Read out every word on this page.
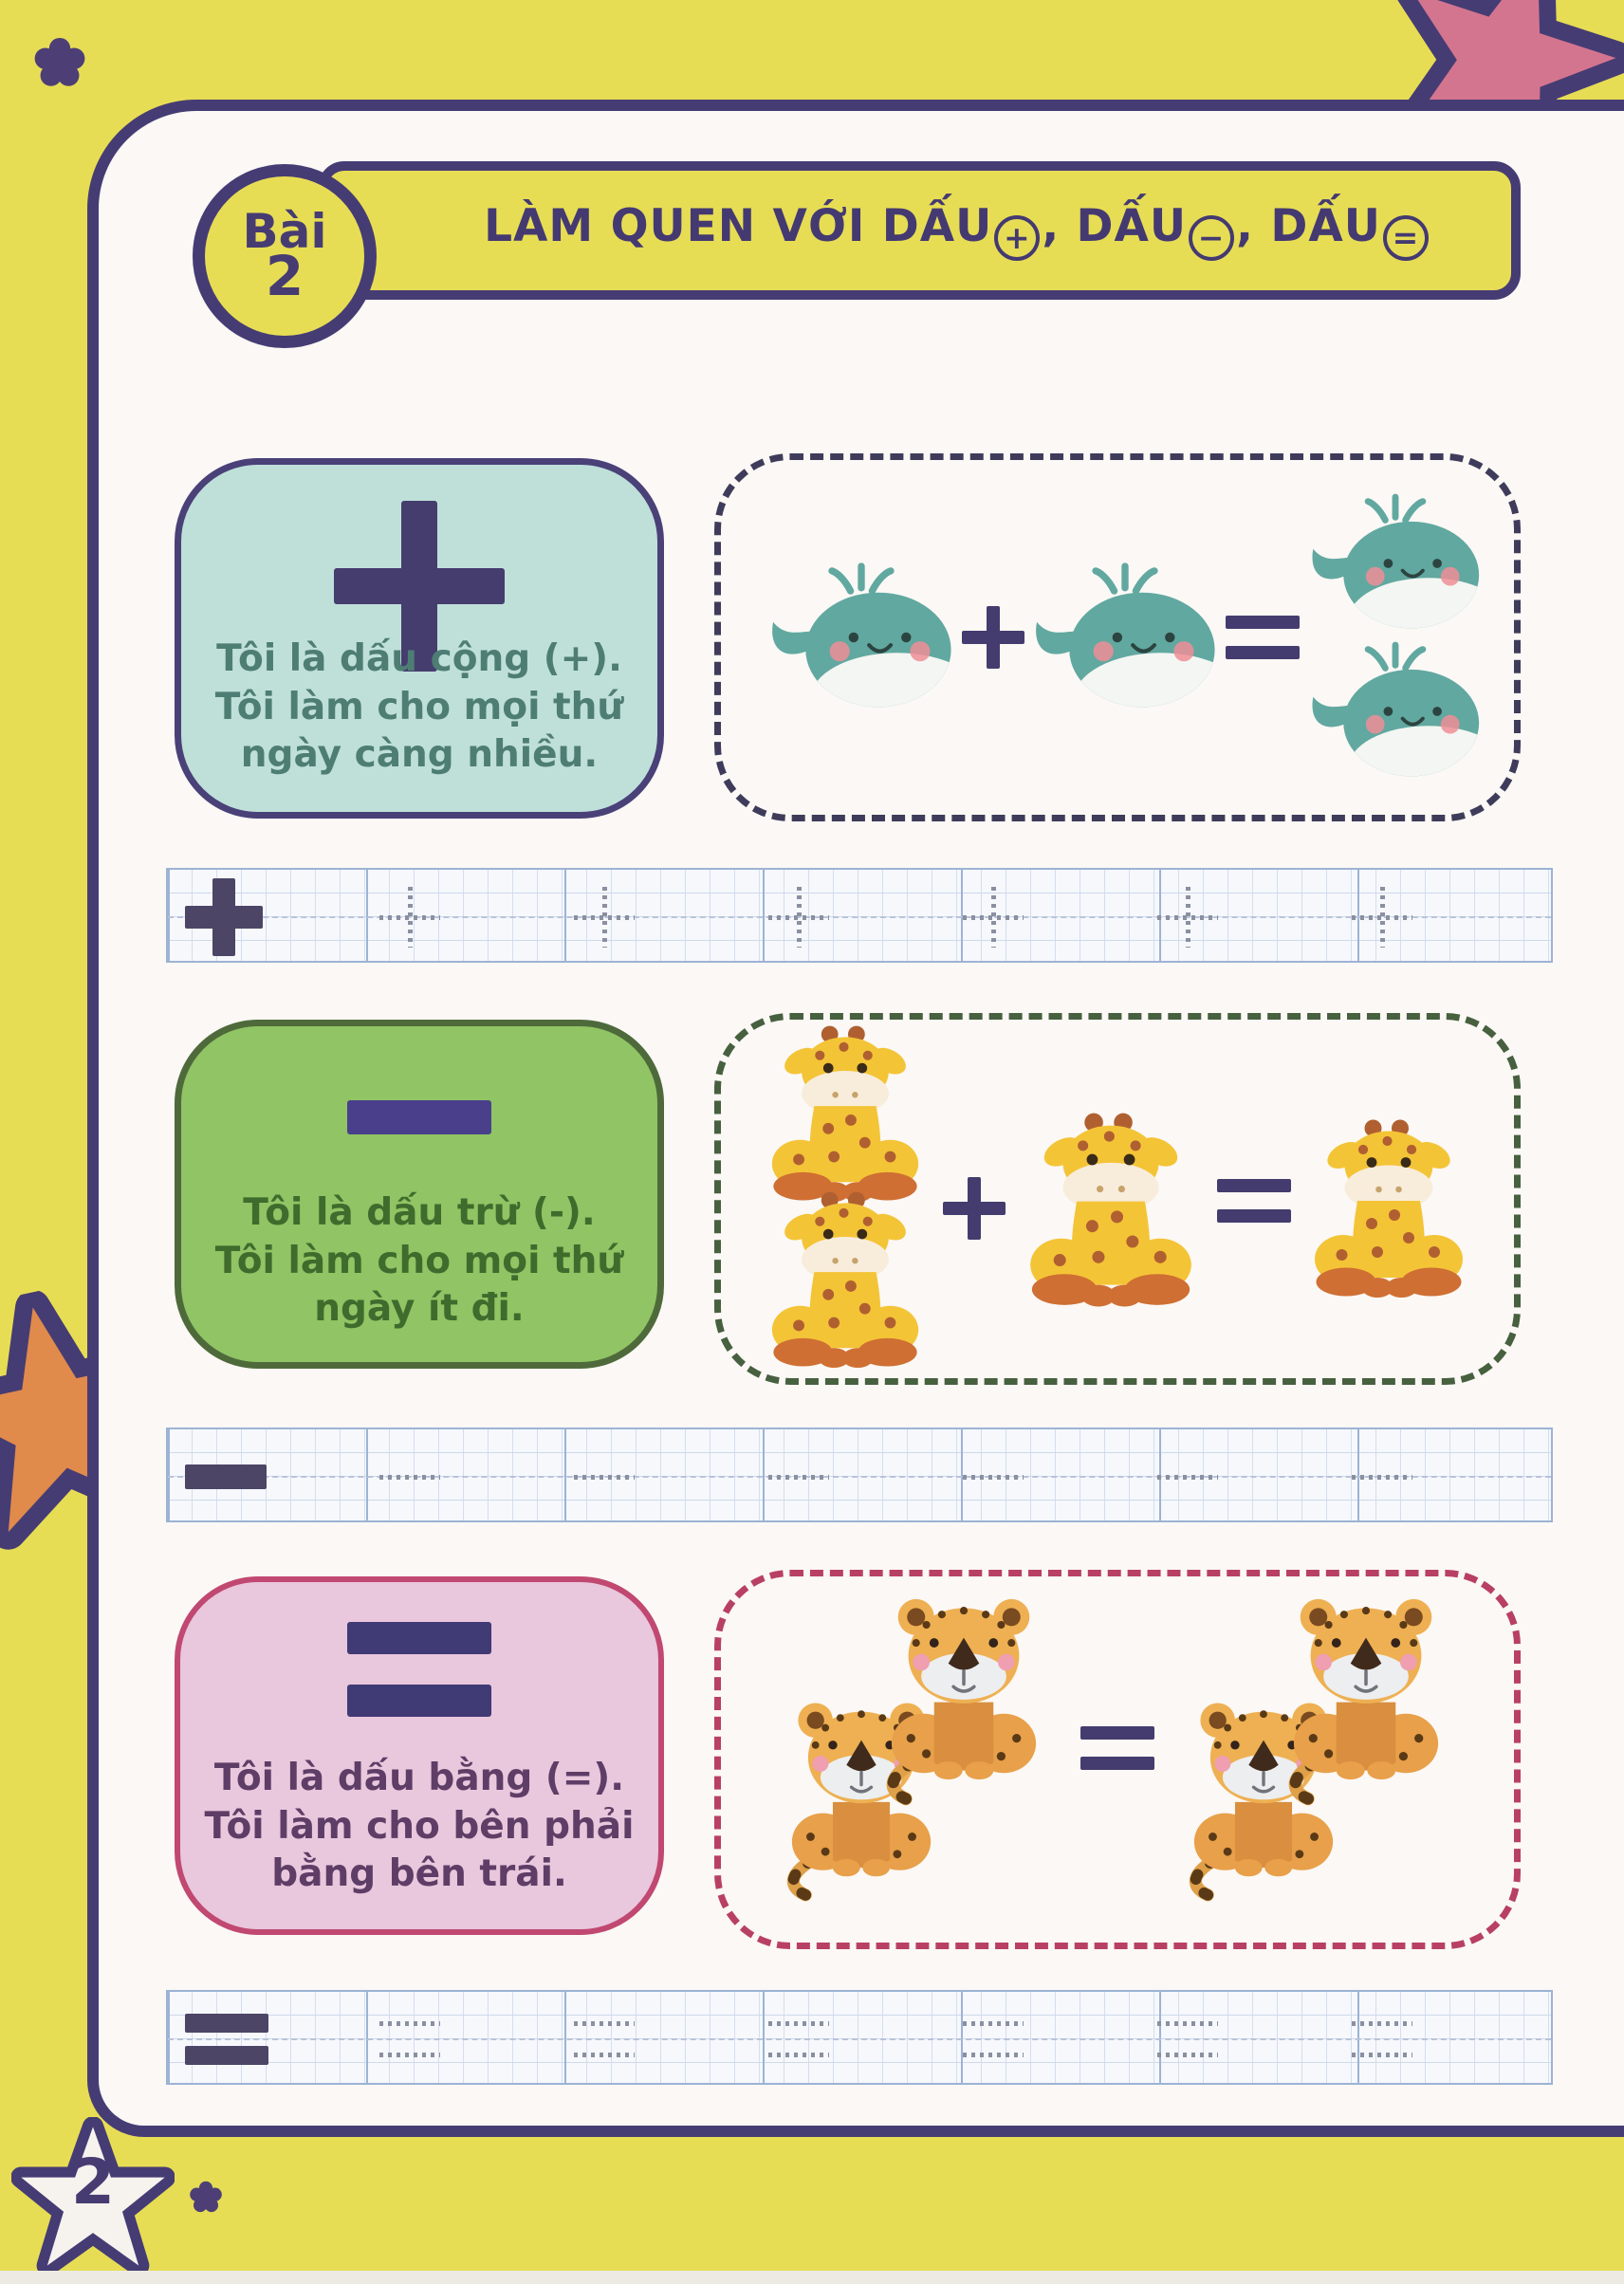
LÀM QUEN VỚI DẤU + , DẤU − , DẤU =
Bài
2
Tôi là dấu cộng (+).
Tôi làm cho mọi thứ
ngày càng nhiều.
Tôi là dấu trừ (-).
Tôi làm cho mọi thứ
ngày ít đi.
Tôi là dấu bằng (=).
Tôi làm cho bên phải
bằng bên trái.
2
